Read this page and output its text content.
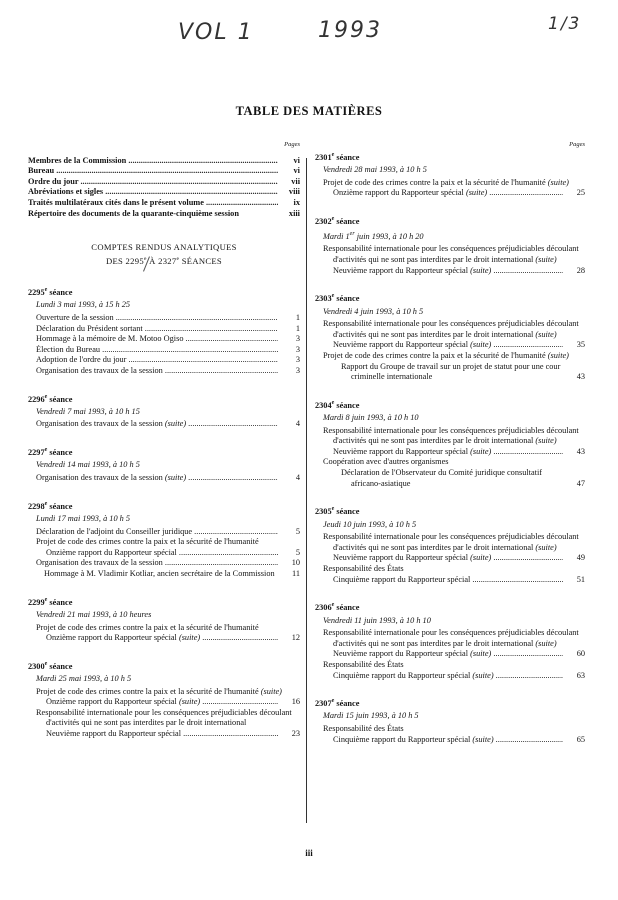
VOL 1	1993	1/3
TABLE DES MATIÈRES
Pages
Membres de la Commission .....	vi
Bureau .....	vi
Ordre du jour .....	vii
Abréviations et sigles .....	viii
Traités multilatéraux cités dans le présent volume .....	ix
Répertoire des documents de la quarante-cinquième session	xiii
COMPTES RENDUS ANALYTIQUES
DES 2295e À 2327e SÉANCES
2295e séance
Lundi 3 mai 1993, à 15 h 25
Ouverture de la session .....	1
Déclaration du Président sortant .....	1
Hommage à la mémoire de M. Motoo Ogiso .....	3
Élection du Bureau .....	3
Adoption de l'ordre du jour .....	3
Organisation des travaux de la session .....	3
2296e séance
Vendredi 7 mai 1993, à 10 h 15
Organisation des travaux de la session (suite) .....	4
2297e séance
Vendredi 14 mai 1993, à 10 h 5
Organisation des travaux de la session (suite) .....	4
2298e séance
Lundi 17 mai 1993, à 10 h 5
Déclaration de l'adjoint du Conseiller juridique .....	5
Projet de code des crimes contre la paix et la sécurité de l'humanité
Onzième rapport du Rapporteur spécial .....	5
Organisation des travaux de la session .....	10
Hommage à M. Vladimir Kotliar, ancien secrétaire de la Commission	11
2299e séance
Vendredi 21 mai 1993, à 10 heures
Projet de code des crimes contre la paix et la sécurité de l'humanité
Onzième rapport du Rapporteur spécial (suite) .....	12
2300e séance
Mardi 25 mai 1993, à 10 h 5
Projet de code des crimes contre la paix et la sécurité de l'humanité (suite)
Onzième rapport du Rapporteur spécial (suite) .....	16
Responsabilité internationale pour les conséquences préjudiciables découlant d'activités qui ne sont pas interdites par le droit international
Neuvième rapport du Rapporteur spécial .....	23
Pages
2301e séance
Vendredi 28 mai 1993, à 10 h 5
Projet de code des crimes contre la paix et la sécurité de l'humanité (suite)
Onzième rapport du Rapporteur spécial (suite) .....	25
2302e séance
Mardi 1er juin 1993, à 10 h 20
Responsabilité internationale pour les conséquences préjudiciables découlant d'activités qui ne sont pas interdites par le droit international (suite)
Neuvième rapport du Rapporteur spécial (suite) .....	28
2303e séance
Vendredi 4 juin 1993, à 10 h 5
Responsabilité internationale pour les conséquences préjudiciables découlant d'activités qui ne sont pas interdites par le droit international (suite)
Neuvième rapport du Rapporteur spécial (suite) .....	35
Projet de code des crimes contre la paix et la sécurité de l'humanité (suite)
Rapport du Groupe de travail sur un projet de statut pour une cour criminelle internationale	43
2304e séance
Mardi 8 juin 1993, à 10 h 10
Responsabilité internationale pour les conséquences préjudiciables découlant d'activités qui ne sont pas interdites par le droit international (suite)
Neuvième rapport du Rapporteur spécial (suite) .....	43
Coopération avec d'autres organismes
Déclaration de l'Observateur du Comité juridique consultatif africano-asiatique	47
2305e séance
Jeudi 10 juin 1993, à 10 h 5
Responsabilité internationale pour les conséquences préjudiciables découlant d'activités qui ne sont pas interdites par le droit international (suite)
Neuvième rapport du Rapporteur spécial (suite) .....	49
Responsabilité des États
Cinquième rapport du Rapporteur spécial .....	51
2306e séance
Vendredi 11 juin 1993, à 10 h 10
Responsabilité internationale pour les conséquences préjudiciables découlant d'activités qui ne sont pas interdites par le droit international (suite)
Neuvième rapport du Rapporteur spécial (suite) .....	60
Responsabilité des États
Cinquième rapport du Rapporteur spécial (suite) .....	63
2307e séance
Mardi 15 juin 1993, à 10 h 5
Responsabilité des États
Cinquième rapport du Rapporteur spécial (suite) .....	65
iii
